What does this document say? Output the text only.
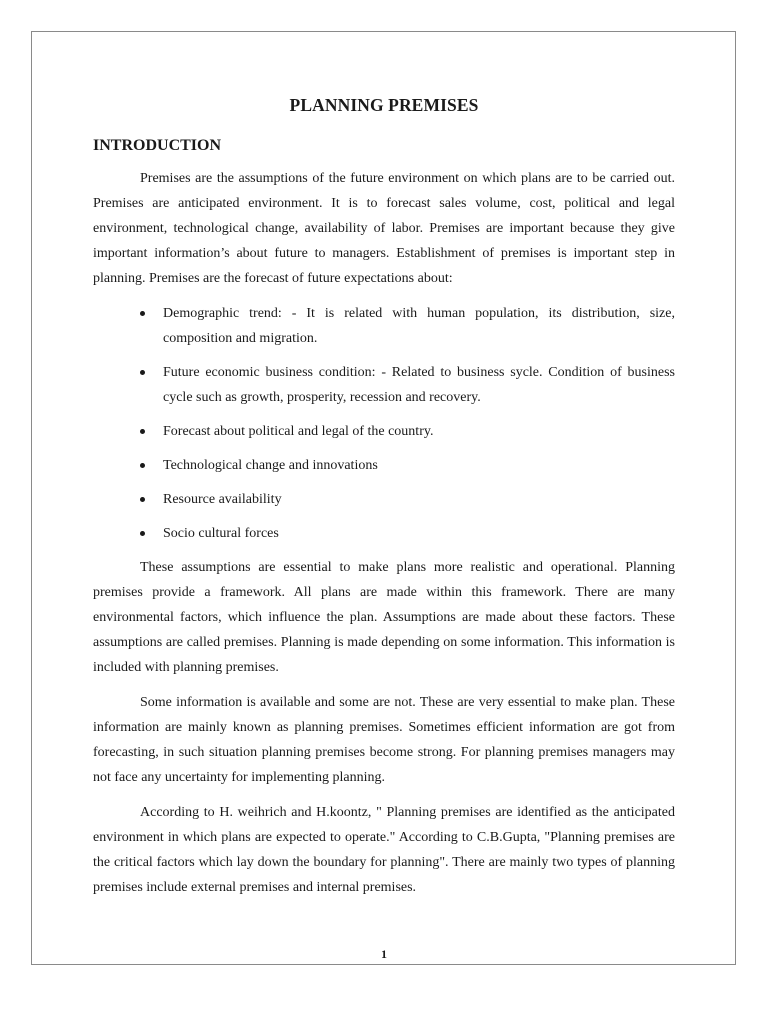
PLANNING PREMISES
INTRODUCTION

Premises are the assumptions of the future environment on which plans are to be carried out. Premises are anticipated environment. It is to forecast sales volume, cost, political and legal environment, technological change, availability of labor. Premises are important because they give important information’s about future to managers. Establishment of premises is important step in planning. Premises are the forecast of future expectations about:

Demographic trend: - It is related with human population, its distribution, size, composition and migration.
Future economic business condition: - Related to business sycle. Condition of business cycle such as growth, prosperity, recession and recovery.
Forecast about political and legal of the country.
Technological change and innovations
Resource availability
Socio cultural forces

These assumptions are essential to make plans more realistic and operational. Planning premises provide a framework. All plans are made within this framework. There are many environmental factors, which influence the plan. Assumptions are made about these factors. These assumptions are called premises. Planning is made depending on some information. This information is included with planning premises.

Some information is available and some are not. These are very essential to make plan. These information are mainly known as planning premises. Sometimes efficient information are got from forecasting, in such situation planning premises become strong. For planning premises managers may not face any uncertainty for implementing planning.

According to H. weihrich and H.koontz, " Planning premises are identified as the anticipated environment in which plans are expected to operate." According to C.B.Gupta, "Planning premises are the critical factors which lay down the boundary for planning". There are mainly two types of planning premises include external premises and internal premises.

1
